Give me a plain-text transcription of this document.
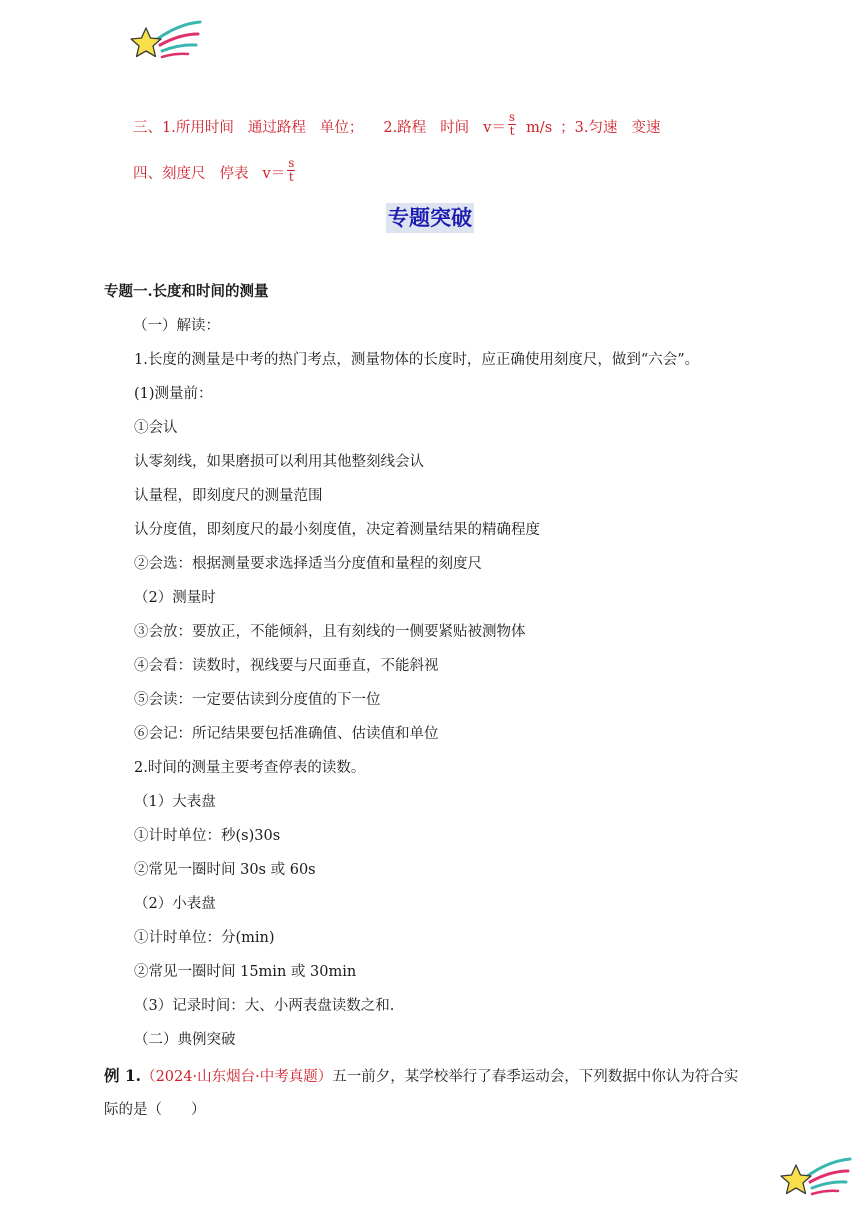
三、1.所用时间 通过路程 单位； 2.路程 时间 $v= \frac{s}{t} m/s$ ；3.匀速 变速
四、刻度尺 停表 $v= \frac{s}{t}$
专题突破
专题一.长度和时间的测量
（一）解读：
1.长度的测量是中考的热门考点，测量物体的长度时，应正确使用刻度尺，做到“六会”。
(1)测量前：
①会认
认零刻线，如果磨损可以利用其他整刻线会认
认量程，即刻度尺的测量范围
认分度值，即刻度尺的最小刻度值，决定着测量结果的精确程度
②会选：根据测量要求选择适当分度值和量程的刻度尺
（2）测量时
③会放：要放正，不能倾斜，且有刻线的一侧要紧贴被测物体
④会看：读数时，视线要与尺面垂直，不能斜视
⑤会读：一定要估读到分度值的下一位
⑥会记：所记结果要包括准确值、估读值和单位
2.时间的测量主要考查停表的读数。
（1）大表盘
①计时单位：秒(s)30s
②常见一圈时间 30s 或 60s
（2）小表盘
①计时单位：分(min)
②常见一圈时间 15min 或 30min
（3）记录时间：大、小两表盘读数之和.
（二）典例突破
例 1.（2024·山东烟台·中考真题）五一前夕，某学校举行了春季运动会，下列数据中你认为符合实
际的是（　　）
